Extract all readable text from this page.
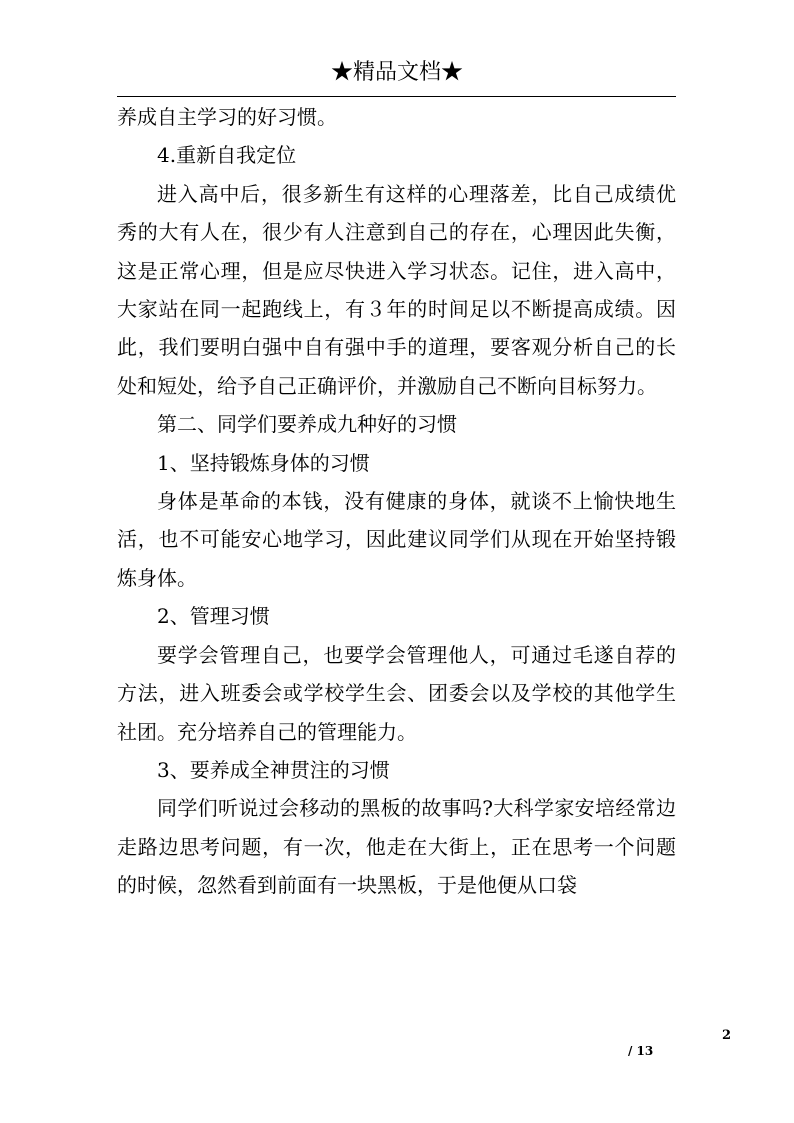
★精品文档★

养成自主学习的好习惯。

4.重新自我定位

进入高中后，很多新生有这样的心理落差，比自己成绩优秀的大有人在，很少有人注意到自己的存在，心理因此失衡，这是正常心理，但是应尽快进入学习状态。记住，进入高中，大家站在同一起跑线上，有３年的时间足以不断提高成绩。因此，我们要明白强中自有强中手的道理，要客观分析自己的长处和短处，给予自己正确评价，并激励自己不断向目标努力。

第二、同学们要养成九种好的习惯

1、坚持锻炼身体的习惯

身体是革命的本钱，没有健康的身体，就谈不上愉快地生活，也不可能安心地学习，因此建议同学们从现在开始坚持锻炼身体。

2、管理习惯

要学会管理自己，也要学会管理他人，可通过毛遂自荐的方法，进入班委会或学校学生会、团委会以及学校的其他学生社团。充分培养自己的管理能力。

3、要养成全神贯注的习惯

同学们听说过会移动的黑板的故事吗?大科学家安培经常边走路边思考问题，有一次，他走在大街上，正在思考一个问题的时候，忽然看到前面有一块黑板，于是他便从口袋

2
/ 13
